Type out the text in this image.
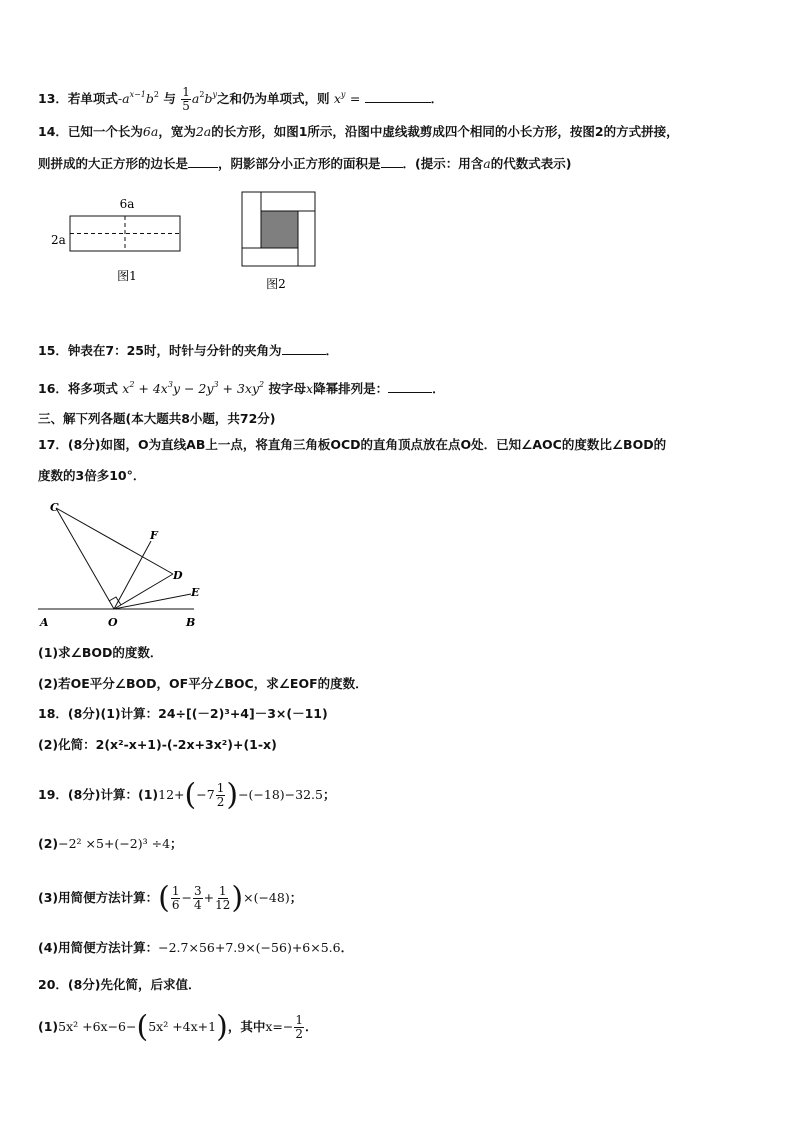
13．若单项式$-a^{x-1}b^2$ 与 $\frac{1}{5} a^2b^y$之和仍为单项式，则 $x^y$ =	．
14．已知一个长为6a，宽为2a的长方形，如图1所示，沿图中虚线裁剪成四个相同的小长方形，按图2的方式拼接，
则拼成的大正方形的边长是 ，阴影部分小正方形的面积是 ．(提示：用含a的代数式表示)
6a
2a
图1
图2
15．钟表在7：25时，时针与分针的夹角为	．
16．将多项式 $x^2 + 4x^3y - 2y^3 + 3xy^2$ 按字母x降幂排列是：	．
三、解下列各题(本大题共8小题，共72分)
17．(8分)如图，O为直线AB上一点，将直角三角板OCD的直角顶点放在点O处．已知∠AOC的度数比∠BOD的
度数的3倍多10°．
C
F
D
E
A	O	B
(1)求∠BOD的度数．
(2)若OE平分∠BOD，OF平分∠BOC，求∠EOF的度数．
18．(8分)(1)计算：24÷[(－2)³+4]－3×(－11)
(2)化简：2(x²-x+1)-(-2x+3x²)+(1-x)
19．(8分)计算：$(1)12+(-7 \frac{1}{2} )-(-18)-32.5$；
(2)−2² ×5+(−2)³ ÷4；
(3)用简便方法计算：( $\frac{1}{6} - \frac{3}{4} + \frac{1}{12} )\times(-48)$；
(4)用简便方法计算：−2.7×56+7.9×(−56)+6×5.6．
20．(8分)先化简，后求值．
(1)5x² +6x−6−(5x² +4x+1)，其中$x=- \frac{1}{2}$ ．
